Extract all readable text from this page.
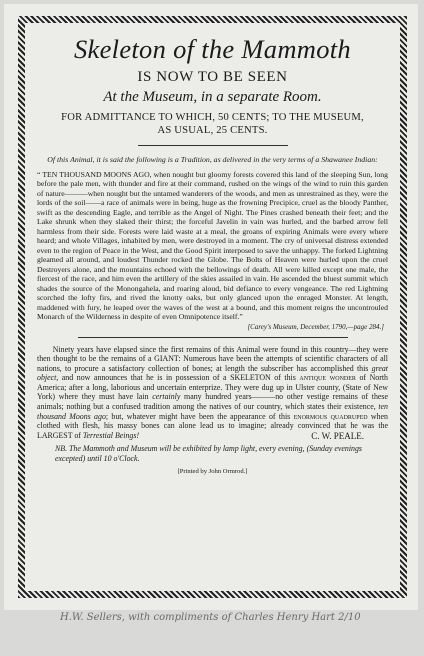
Skeleton of the Mammoth
IS NOW TO BE SEEN
At the Museum, in a separate Room.
FOR ADMITTANCE TO WHICH, 50 CENTS; TO THE MUSEUM,
AS USUAL, 25 CENTS.
Of this Animal, it is said the following is a Tradition, as delivered in the very terms of a Shawanee Indian:
“ TEN THOUSAND MOONS AGO, when nought but gloomy forests covered this land of the sleeping Sun, long before the pale men, with thunder and fire at their command, rushed on the wings of the wind to ruin this garden of nature———when nought but the untamed wanderers of the woods, and men as unrestrained as they, were the lords of the soil——a race of animals were in being, huge as the frowning Precipice, cruel as the bloody Panther, swift as the descending Eagle, and terrible as the Angel of Night. The Pines crashed beneath their feet; and the Lake shrunk when they slaked their thirst; the forceful Javelin in vain was hurled, and the barbed arrow fell harmless from their side. Forests were laid waste at a meal, the groans of expiring Animals were every where heard; and whole Villages, inhabited by men, were destroyed in a moment. The cry of universal distress extended even to the region of Peace in the West, and the Good Spirit interposed to save the unhappy. The forked Lightning gleamed all around, and loudest Thunder rocked the Globe. The Bolts of Heaven were hurled upon the cruel Destroyers alone, and the mountains echoed with the bellowings of death. All were killed except one male, the fiercest of the race, and him even the artillery of the skies assailed in vain. He ascended the bluest summit which shades the source of the Monongahela, and roaring aloud, bid defiance to every vengeance. The red Lightning scorched the lofty firs, and rived the knotty oaks, but only glanced upon the enraged Monster. At length, maddened with fury, he leaped over the waves of the west at a bound, and this moment reigns the uncontrouled Monarch of the Wilderness in despite of even Omnipotence itself.”
[Carey's Museum, December, 1790,—page 284.]
  Ninety years have elapsed since the first remains of this Animal were found in this country—they were then thought to be the remains of a GIANT: Numerous have been the attempts of scientific characters of all nations, to procure a satisfactory collection of bones; at length the subscriber has accomplished this great object, and now announces that he is in possession of a SKELETON of this antique wonder of North America; after a long, laborious and uncertain enterprize. They were dug up in Ulster county, (State of New York) where they must have lain certainly many hundred years———no other vestige remains of these animals; nothing but a confused tradition among the natives of our country, which states their existence, ten thousand Moons ago; but, whatever might have been the appearance of this enormous quadruped when clothed with flesh, his massy bones can alone lead us to imagine; already convinced that he was the LARGEST of Terrestial Beings!	C. W. PEALE.
NB. The Mammoth and Museum will be exhibited by lamp light, every evening, (Sunday evenings excepted) until 10 o'Clock.
[Printed by John Ormrod.]
H.W. Sellers, with compliments of Charles Henry Hart 2/10
